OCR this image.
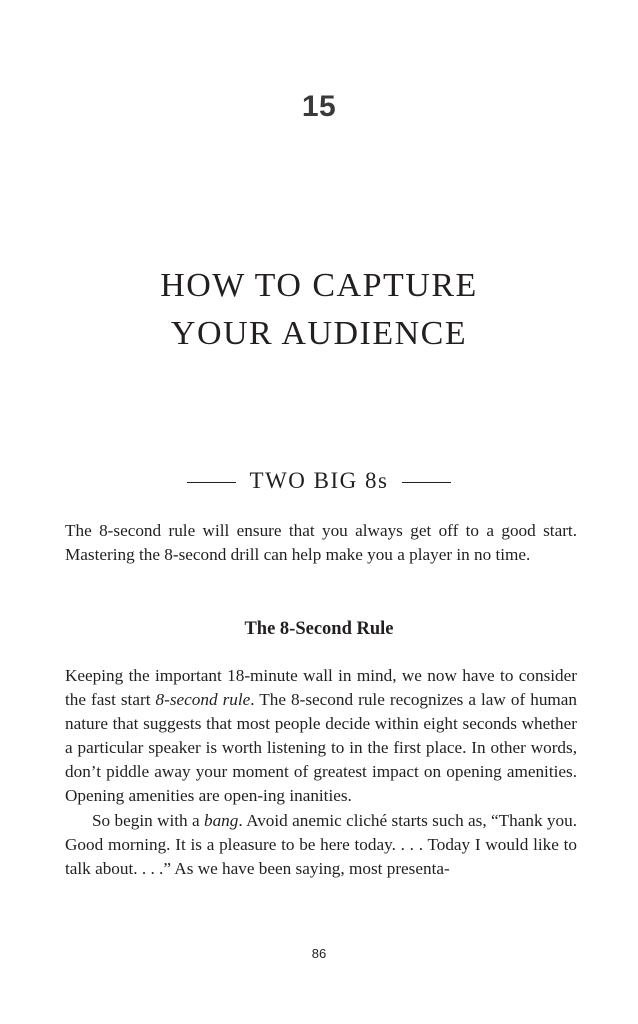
15
HOW TO CAPTURE
YOUR AUDIENCE
TWO BIG 8s
The 8-second rule will ensure that you always get off to a good start. Mastering the 8-second drill can help make you a player in no time.
The 8-Second Rule

Keeping the important 18-minute wall in mind, we now have to consider the fast start 8-second rule. The 8-second rule recognizes a law of human nature that suggests that most people decide within eight seconds whether a particular speaker is worth listening to in the first place. In other words, don’t piddle away your moment of greatest impact on opening amenities. Opening amenities are open-ing inanities.

So begin with a bang. Avoid anemic cliché starts such as, “Thank you. Good morning. It is a pleasure to be here today. . . . Today I would like to talk about. . . .” As we have been saying, most presenta-

86
